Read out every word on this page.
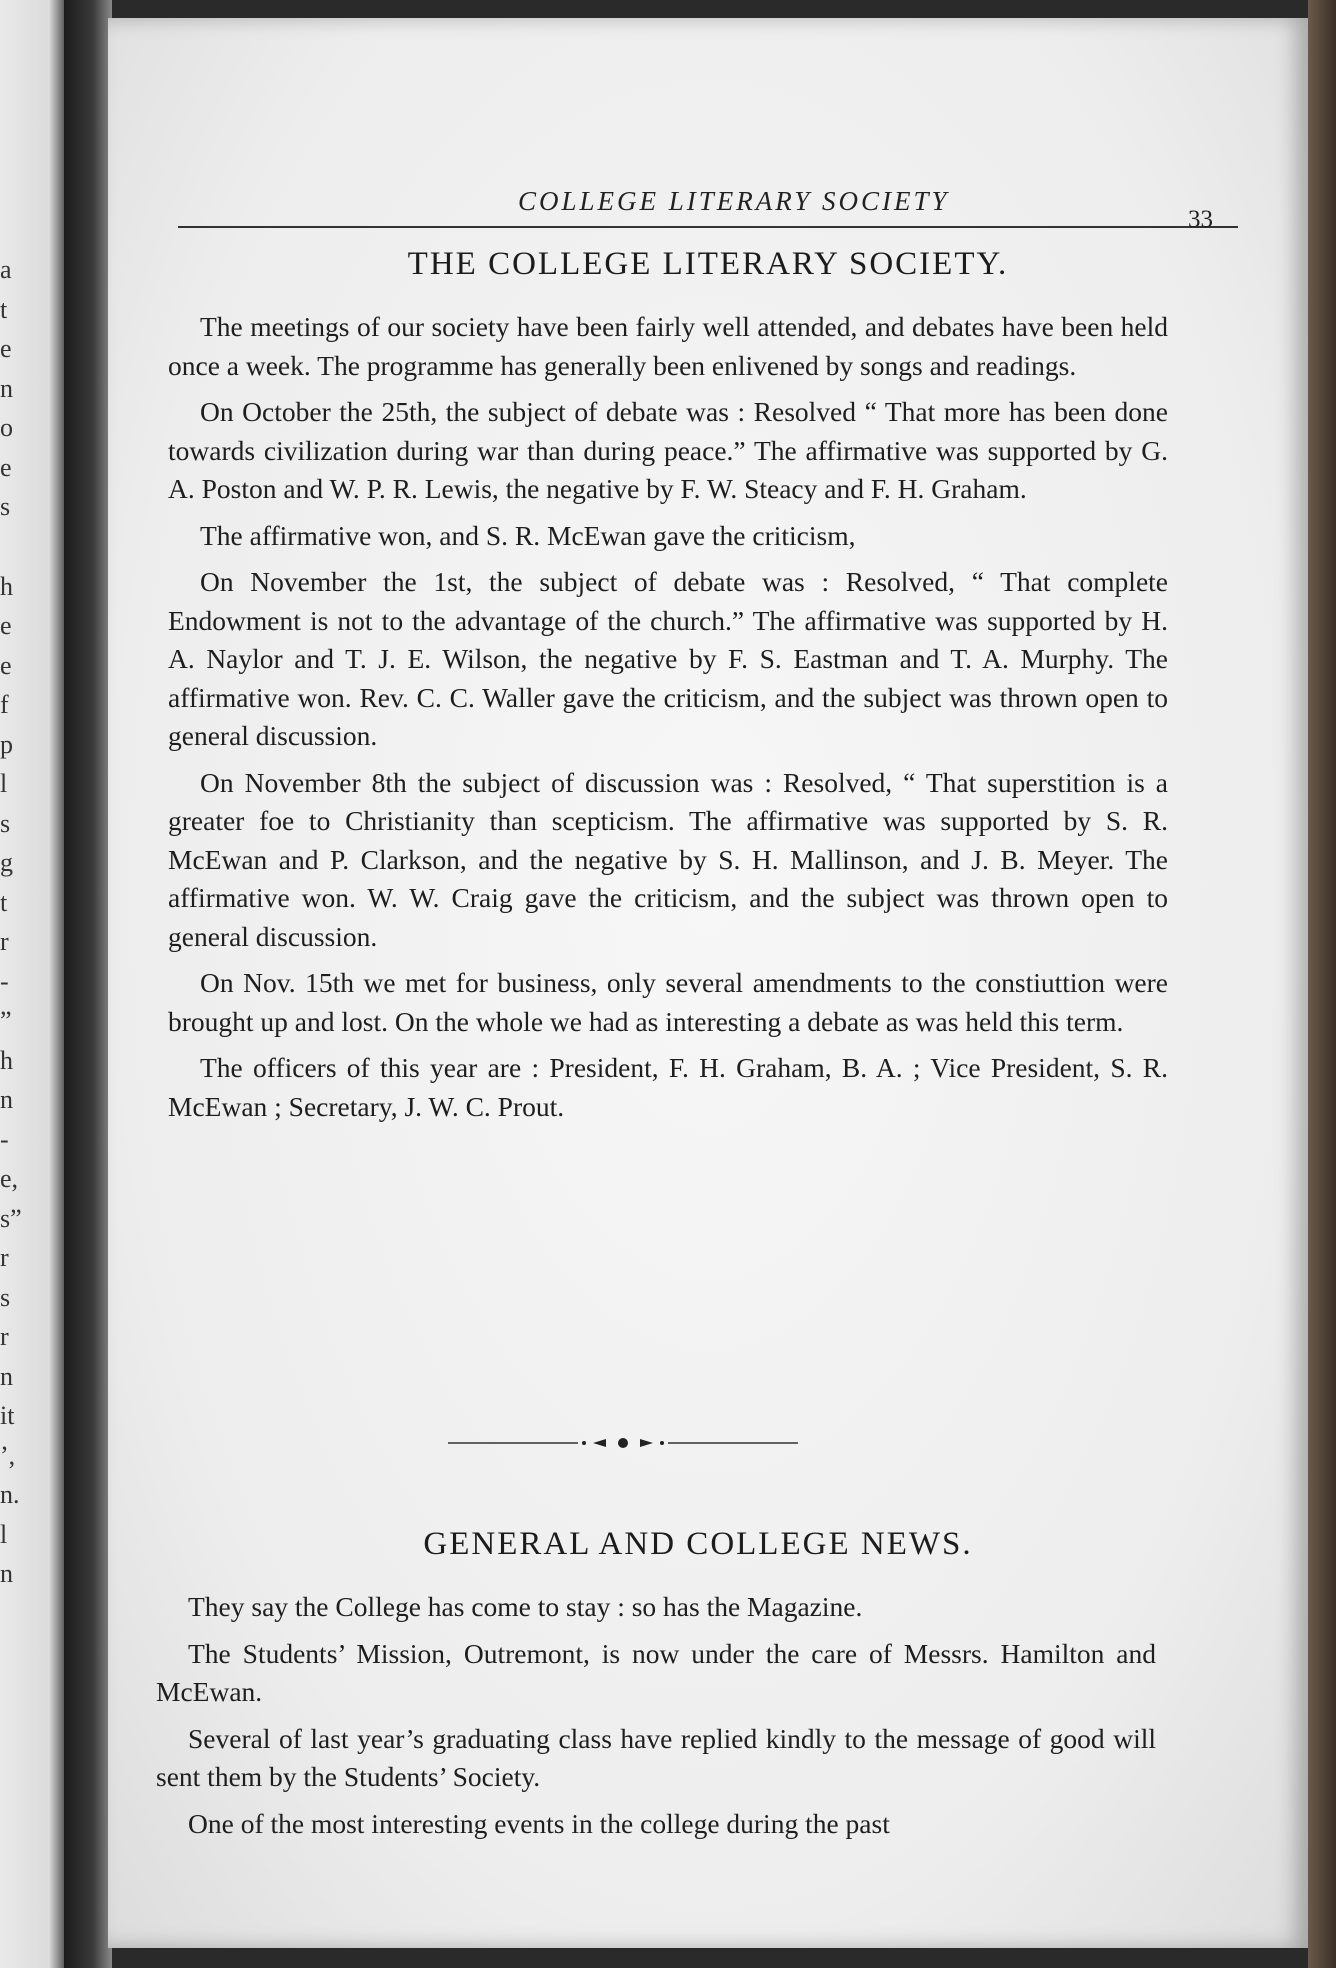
a
t
e
n
o
e
s
h
e
e
f
p
l
s
g
t
r
-
”
h
n
-
e,
s”
r
s
r
n
it
’,
n.
l
n
COLLEGE LITERARY SOCIETY
33
THE COLLEGE LITERARY SOCIETY.

The meetings of our society have been fairly well attended, and debates have been held once a week. The programme has generally been enlivened by songs and readings.

On October the 25th, the subject of debate was : Resolved “ That more has been done towards civilization during war than during peace.” The affirmative was supported by G. A. Poston and W. P. R. Lewis, the negative by F. W. Steacy and F. H. Graham.

The affirmative won, and S. R. McEwan gave the criticism,

On November the 1st, the subject of debate was : Resolved, “ That complete Endowment is not to the advantage of the church.” The affirmative was supported by H. A. Naylor and T. J. E. Wilson, the negative by F. S. Eastman and T. A. Murphy. The affirmative won. Rev. C. C. Waller gave the criticism, and the subject was thrown open to general discussion.

On November 8th the subject of discussion was : Resolved, “ That superstition is a greater foe to Christianity than scepticism. The affirmative was supported by S. R. McEwan and P. Clarkson, and the negative by S. H. Mallinson, and J. B. Meyer. The affirmative won. W. W. Craig gave the criticism, and the subject was thrown open to general discussion.

On Nov. 15th we met for business, only several amendments to the constiuttion were brought up and lost. On the whole we had as interesting a debate as was held this term.

The officers of this year are : President, F. H. Graham, B. A. ; Vice President, S. R. McEwan ; Secretary, J. W. C. Prout.

GENERAL AND COLLEGE NEWS.

They say the College has come to stay : so has the Magazine.

The Students’ Mission, Outremont, is now under the care of Messrs. Hamilton and McEwan.

Several of last year’s graduating class have replied kindly to the message of good will sent them by the Students’ Society.

One of the most interesting events in the college during the past
